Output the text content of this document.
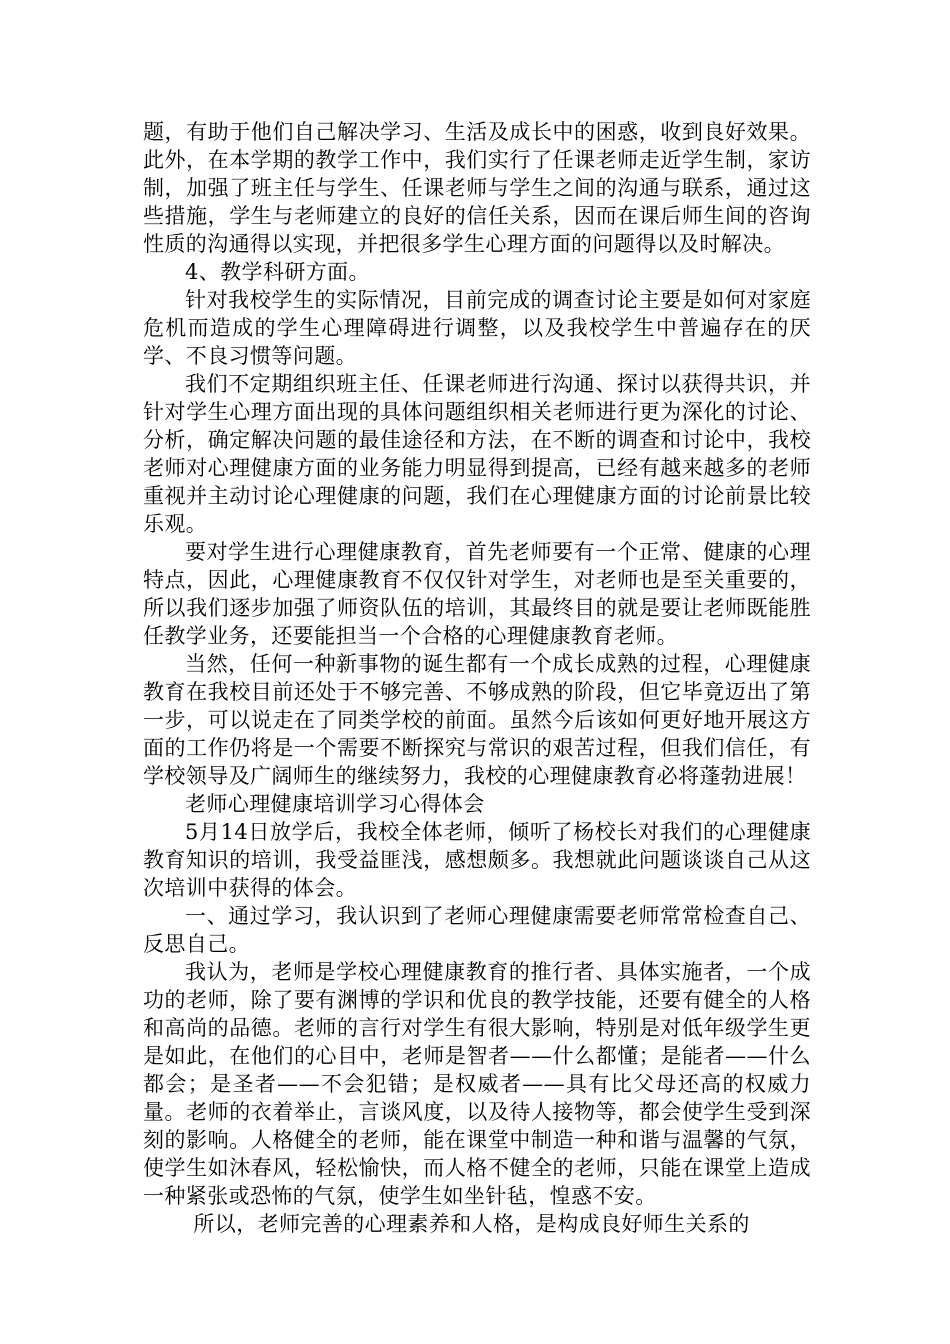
题，有助于他们自己解决学习、生活及成长中的困惑，收到良好效果。此外，在本学期的教学工作中，我们实行了任课老师走近学生制，家访制，加强了班主任与学生、任课老师与学生之间的沟通与联系，通过这些措施，学生与老师建立的良好的信任关系，因而在课后师生间的咨询性质的沟通得以实现，并把很多学生心理方面的问题得以及时解决。

4、教学科研方面。

针对我校学生的实际情况，目前完成的调查讨论主要是如何对家庭危机而造成的学生心理障碍进行调整，以及我校学生中普遍存在的厌学、不良习惯等问题。

我们不定期组织班主任、任课老师进行沟通、探讨以获得共识，并针对学生心理方面出现的具体问题组织相关老师进行更为深化的讨论、分析，确定解决问题的最佳途径和方法，在不断的调查和讨论中，我校老师对心理健康方面的业务能力明显得到提高，已经有越来越多的老师重视并主动讨论心理健康的问题，我们在心理健康方面的讨论前景比较乐观。

要对学生进行心理健康教育，首先老师要有一个正常、健康的心理特点，因此，心理健康教育不仅仅针对学生，对老师也是至关重要的，所以我们逐步加强了师资队伍的培训，其最终目的就是要让老师既能胜任教学业务，还要能担当一个合格的心理健康教育老师。

当然，任何一种新事物的诞生都有一个成长成熟的过程，心理健康教育在我校目前还处于不够完善、不够成熟的阶段，但它毕竟迈出了第一步，可以说走在了同类学校的前面。虽然今后该如何更好地开展这方面的工作仍将是一个需要不断探究与常识的艰苦过程，但我们信任，有学校领导及广阔师生的继续努力，我校的心理健康教育必将蓬勃进展！

老师心理健康培训学习心得体会

5月14日放学后，我校全体老师，倾听了杨校长对我们的心理健康教育知识的培训，我受益匪浅，感想颇多。我想就此问题谈谈自己从这次培训中获得的体会。

一、通过学习，我认识到了老师心理健康需要老师常常检查自己、反思自己。

我认为，老师是学校心理健康教育的推行者、具体实施者，一个成功的老师，除了要有渊博的学识和优良的教学技能，还要有健全的人格和高尚的品德。老师的言行对学生有很大影响，特别是对低年级学生更是如此，在他们的心目中，老师是智者——什么都懂；是能者——什么都会；是圣者——不会犯错；是权威者——具有比父母还高的权威力量。老师的衣着举止，言谈风度，以及待人接物等，都会使学生受到深刻的影响。人格健全的老师，能在课堂中制造一种和谐与温馨的气氛，使学生如沐春风，轻松愉快，而人格不健全的老师，只能在课堂上造成一种紧张或恐怖的气氛，使学生如坐针毡，惶惑不安。

所以，老师完善的心理素养和人格，是构成良好师生关系的
